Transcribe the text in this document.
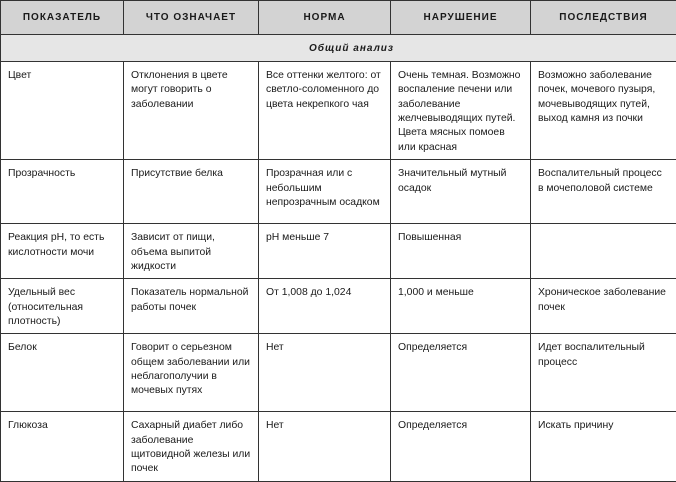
ПОКАЗАТЕЛЬ	ЧТО ОЗНАЧАЕТ	НОРМА	НАРУШЕНИЕ	ПОСЛЕДСТВИЯ
Общий анализ				
Цвет	Отклонения в цвете могут говорить о заболевании	Все оттенки желтого: от светло-соломенного до цвета некрепкого чая	Очень темная. Возможно воспаление печени или заболевание желчевыводящих путей. Цвета мясных помоев или красная	Возможно заболевание почек, мочевого пузыря, мочевыводящих путей, выход камня из почки
Прозрачность	Присутствие белка	Прозрачная или с небольшим непрозрачным осадком	Значительный мутный осадок	Воспалительный процесс в мочеполовой системе
Реакция pH, то есть кислотности мочи	Зависит от пищи, объема выпитой жидкости	pH меньше 7	Повышенная	
Удельный вес (относительная плотность)	Показатель нормальной работы почек	От 1,008 до 1,024	1,000 и меньше	Хроническое заболевание почек
Белок	Говорит о серьезном общем заболевании или неблагополучии в мочевых путях	Нет	Определяется	Идет воспалительный процесс
Глюкоза	Сахарный диабет либо заболевание щитовидной железы или почек	Нет	Определяется	Искать причину
